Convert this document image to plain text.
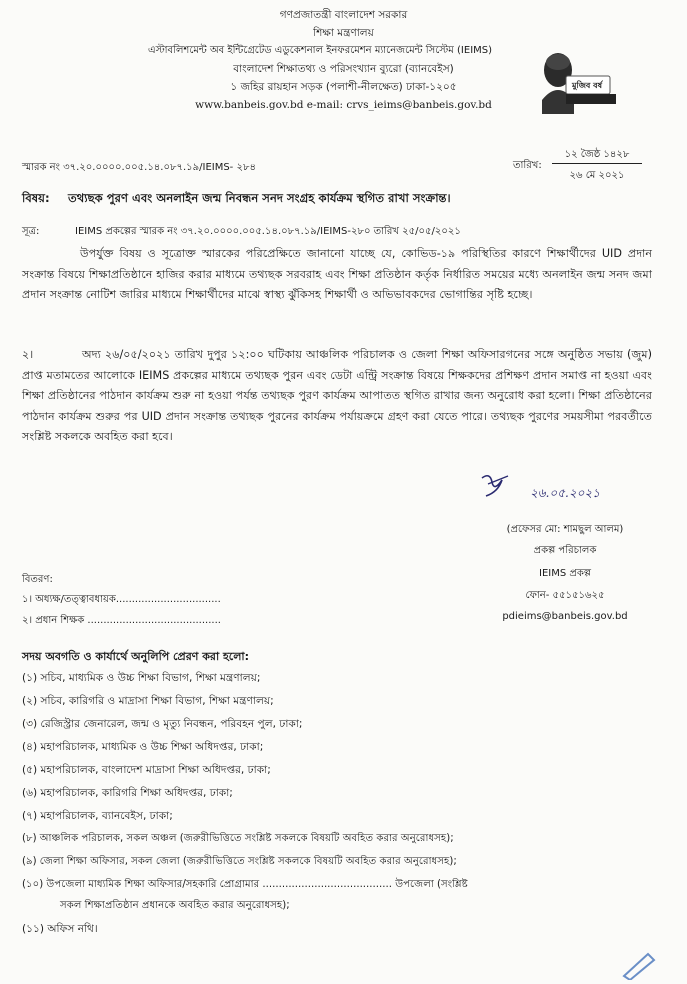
গণপ্রজাতন্ত্রী বাংলাদেশ সরকার
শিক্ষা মন্ত্রণালয়
এস্টাবলিশমেন্ট অব ইন্টিগ্রেটেড এডুকেশনাল ইনফরমেশন ম্যানেজমেন্ট সিস্টেম (IEIMS)
বাংলাদেশ শিক্ষাতথ্য ও পরিসংখ্যান ব্যুরো (ব্যানবেইস)
১ জহির রায়হান সড়ক (পলাশী-নীলক্ষেত) ঢাকা-১২০৫
www.banbeis.gov.bd e-mail: crvs_ieims@banbeis.gov.bd
মুজিব বর্ষ
স্মারক নং ৩৭.২০.০০০০.০০৫.১৪.০৮৭.১৯/IEIMS- ২৮৪	তারিখ:
১২ জৈষ্ঠ ১৪২৮
২৬ মে ২০২১
বিষয়: তথ্যছক পুরণ এবং অনলাইন জন্ম নিবন্ধন সনদ সংগ্রহ কার্যক্রম স্থগিত রাখা সংক্রান্ত।
সূত্র:	IEIMS প্রকল্পের স্মারক নং ৩৭.২০.০০০০.০০৫.১৪.০৮৭.১৯/IEIMS-২৮০ তারিখ ২৫/০৫/২০২১
উপর্যুক্ত বিষয় ও সূত্রোক্ত স্মারকের পরিপ্রেক্ষিতে জানানো যাচ্ছে যে, কোভিড-১৯ পরিস্থিতির কারণে শিক্ষার্থীদের UID প্রদান সংক্রান্ত বিষয়ে শিক্ষাপ্রতিষ্ঠানে হাজির করার মাধ্যমে তথ্যছক সরবরাহ এবং শিক্ষা প্রতিষ্ঠান কর্তৃক নির্ধারিত সময়ের মধ্যে অনলাইন জন্ম সনদ জমা প্রদান সংক্রান্ত নোটিশ জারির মাধ্যমে শিক্ষার্থীদের মাঝে স্বাস্থ্য ঝুঁকিসহ শিক্ষার্থী ও অভিভাবকদের ভোগান্তির সৃষ্টি হচ্ছে।
২।	অদ্য ২৬/০৫/২০২১ তারিখ দুপুর ১২:০০ ঘটিকায় আঞ্চলিক পরিচালক ও জেলা শিক্ষা অফিসারগনের সঙ্গে অনুষ্ঠিত সভায় (জুম) প্রাপ্ত মতামতের আলোকে IEIMS প্রকল্পের মাধ্যমে তথ্যছক পুরন এবং ডেটা এন্ট্রি সংক্রান্ত বিষয়ে শিক্ষকদের প্রশিক্ষণ প্রদান সমাপ্ত না হওয়া এবং শিক্ষা প্রতিষ্ঠানের পাঠদান কার্যক্রম শুরু না হওয়া পর্যন্ত তথ্যছক পুরণ কার্যক্রম আপাতত স্থগিত রাখার জন্য অনুরোধ করা হলো। শিক্ষা প্রতিষ্ঠানের পাঠদান কার্যক্রম শুরুর পর UID প্রদান সংক্রান্ত তথ্যছক পুরনের কার্যক্রম পর্যায়ক্রমে গ্রহণ করা যেতে পারে। তথ্যছক পুরণের সময়সীমা পরবর্তীতে সংশ্লিষ্ট সকলকে অবহিত করা হবে।
২৬.০৫.২০২১
(প্রফেসর মো: শামছুল আলম)
প্রকল্প পরিচালক
IEIMS প্রকল্প
ফোন- ৫৫১৫১৬২৫
pdieims@banbeis.gov.bd
বিতরণ:
১। অধ্যক্ষ/তত্ত্বাবধায়ক.................................
২। প্রধান শিক্ষক ..........................................
সদয় অবগতি ও কার্যার্থে অনুলিপি প্রেরণ করা হলো:
(১) সচিব, মাধ্যমিক ও উচ্চ শিক্ষা বিভাগ, শিক্ষা মন্ত্রণালয়;
(২) সচিব, কারিগরি ও মাদ্রাসা শিক্ষা বিভাগ, শিক্ষা মন্ত্রণালয়;
(৩) রেজিস্ট্রার জেনারেল, জন্ম ও মৃত্যু নিবন্ধন, পরিবহন পুল, ঢাকা;
(৪) মহাপরিচালক, মাধ্যমিক ও উচ্চ শিক্ষা অধিদপ্তর, ঢাকা;
(৫) মহাপরিচালক, বাংলাদেশ মাদ্রাসা শিক্ষা অধিদপ্তর, ঢাকা;
(৬) মহাপরিচালক, কারিগরি শিক্ষা অধিদপ্তর, ঢাকা;
(৭) মহাপরিচালক, ব্যানবেইস, ঢাকা;
(৮) আঞ্চলিক পরিচালক, সকল অঞ্চল (জরুরীভিত্তিতে সংশ্লিষ্ট সকলকে বিষয়টি অবহিত করার অনুরোধসহ);
(৯) জেলা শিক্ষা অফিসার, সকল জেলা (জরুরীভিত্তিতে সংশ্লিষ্ট সকলকে বিষয়টি অবহিত করার অনুরোধসহ);
(১০) উপজেলা মাধ্যমিক শিক্ষা অফিসার/সহকারি প্রোগ্রামার ........................................ উপজেলা (সংশ্লিষ্ট
সকল শিক্ষাপ্রতিষ্ঠান প্রধানকে অবহিত করার অনুরোধসহ);
(১১) অফিস নথি।
